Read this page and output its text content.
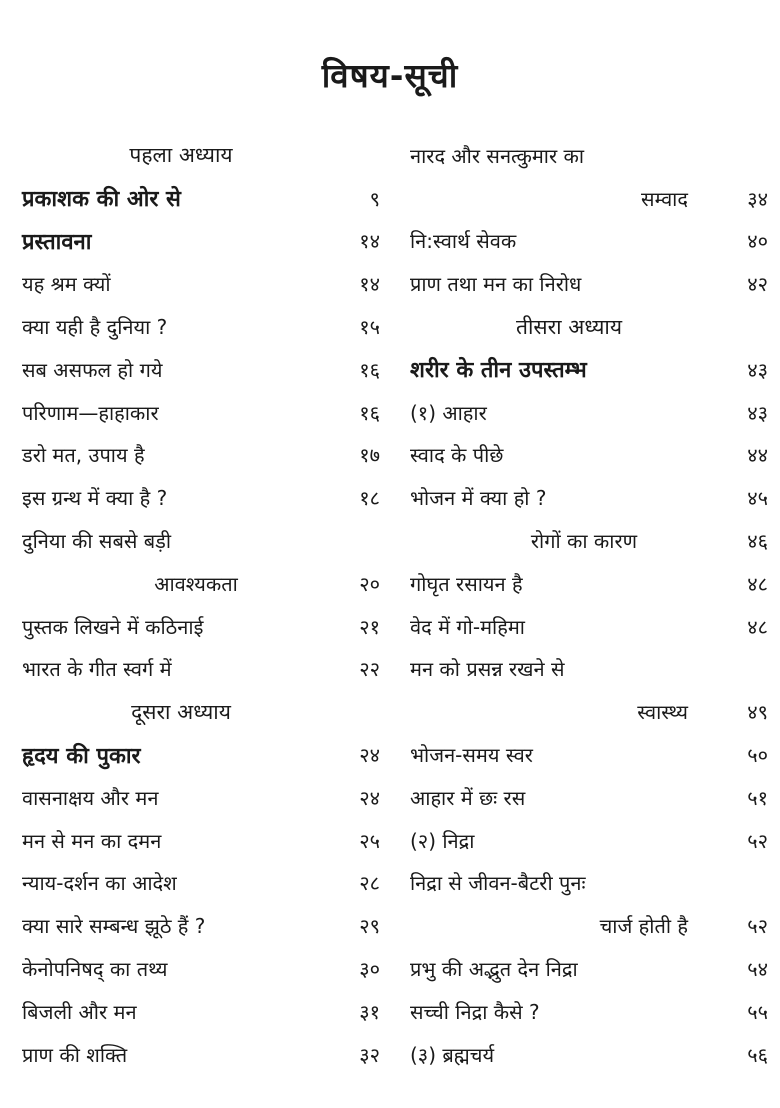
विषय-सूची
पहला अध्याय
प्रकाशक की ओर से	९
प्रस्तावना	१४
यह श्रम क्यों	१४
क्या यही है दुनिया ?	१५
सब असफल हो गये	१६
परिणाम—हाहाकार	१६
डरो मत, उपाय है	१७
इस ग्रन्थ में क्या है ?	१८
दुनिया की सबसे बड़ी
आवश्यकता	२०
पुस्तक लिखने में कठिनाई	२१
भारत के गीत स्वर्ग में	२२
दूसरा अध्याय
हृदय की पुकार	२४
वासनाक्षय और मन	२४
मन से मन का दमन	२५
न्याय-दर्शन का आदेश	२८
क्या सारे सम्बन्ध झूठे हैं ?	२९
केनोपनिषद् का तथ्य	३०
बिजली और मन	३१
प्राण की शक्ति	३२
नारद और सनत्कुमार का
सम्वाद	३४
नि:स्वार्थ सेवक	४०
प्राण तथा मन का निरोध	४२
तीसरा अध्याय
शरीर के तीन उपस्तम्भ	४३
(१) आहार	४३
स्वाद के पीछे	४४
भोजन में क्या हो ?	४५
रोगों का कारण	४६
गोघृत रसायन है	४८
वेद में गो-महिमा	४८
मन को प्रसन्न रखने से
स्वास्थ्य	४९
भोजन-समय स्वर	५०
आहार में छः रस	५१
(२) निद्रा	५२
निद्रा से जीवन-बैटरी पुनः
चार्ज होती है	५२
प्रभु की अद्भुत देन निद्रा	५४
सच्ची निद्रा कैसे ?	५५
(३) ब्रह्मचर्य	५६
